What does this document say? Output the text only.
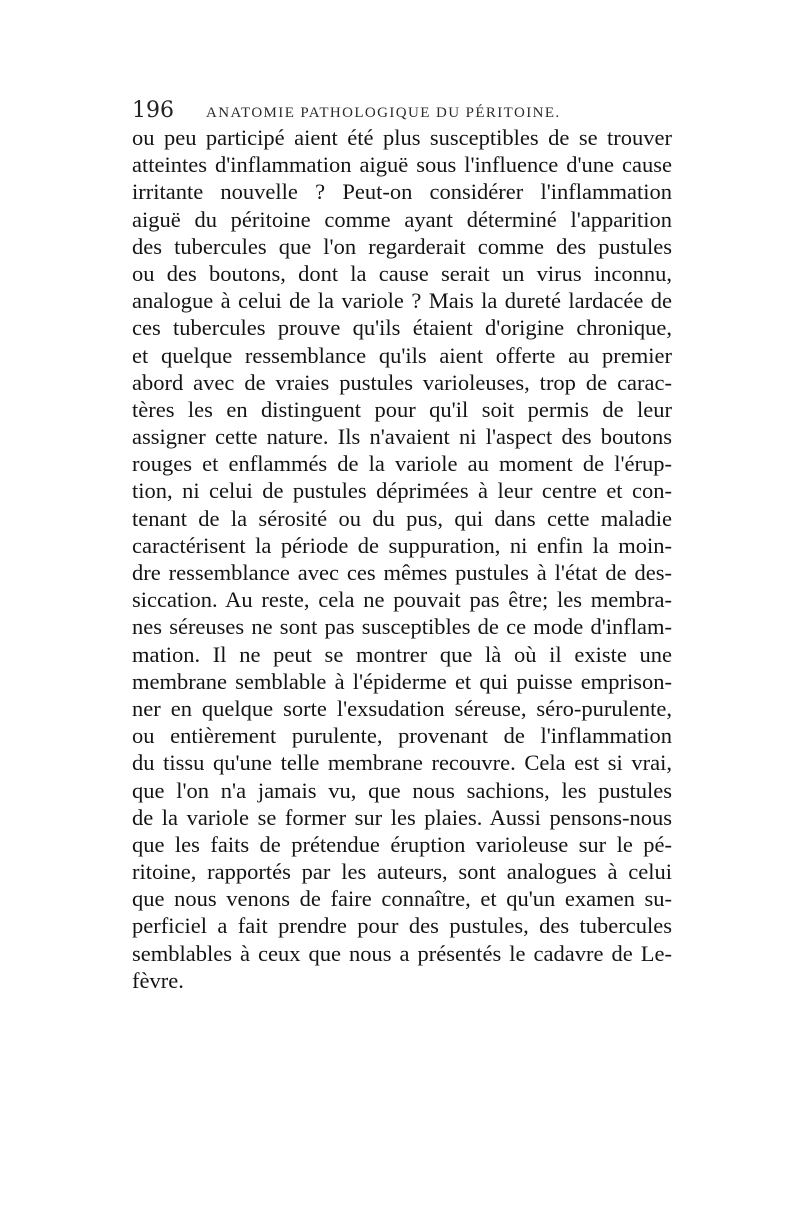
196 ANATOMIE PATHOLOGIQUE DU PÉRITOINE.
ou peu participé aient été plus susceptibles de se trouver
atteintes d'inflammation aiguë sous l'influence d'une cause
irritante nouvelle ? Peut-on considérer l'inflammation
aiguë du péritoine comme ayant déterminé l'apparition
des tubercules que l'on regarderait comme des pustules
ou des boutons, dont la cause serait un virus inconnu,
analogue à celui de la variole ? Mais la dureté lardacée de
ces tubercules prouve qu'ils étaient d'origine chronique,
et quelque ressemblance qu'ils aient offerte au premier
abord avec de vraies pustules varioleuses, trop de carac-
tères les en distinguent pour qu'il soit permis de leur
assigner cette nature. Ils n'avaient ni l'aspect des boutons
rouges et enflammés de la variole au moment de l'érup-
tion, ni celui de pustules déprimées à leur centre et con-
tenant de la sérosité ou du pus, qui dans cette maladie
caractérisent la période de suppuration, ni enfin la moin-
dre ressemblance avec ces mêmes pustules à l'état de des-
siccation. Au reste, cela ne pouvait pas être; les membra-
nes séreuses ne sont pas susceptibles de ce mode d'inflam-
mation. Il ne peut se montrer que là où il existe une
membrane semblable à l'épiderme et qui puisse emprison-
ner en quelque sorte l'exsudation séreuse, séro-purulente,
ou entièrement purulente, provenant de l'inflammation
du tissu qu'une telle membrane recouvre. Cela est si vrai,
que l'on n'a jamais vu, que nous sachions, les pustules
de la variole se former sur les plaies. Aussi pensons-nous
que les faits de prétendue éruption varioleuse sur le pé-
ritoine, rapportés par les auteurs, sont analogues à celui
que nous venons de faire connaître, et qu'un examen su-
perficiel a fait prendre pour des pustules, des tubercules
semblables à ceux que nous a présentés le cadavre de Le-
fèvre.
